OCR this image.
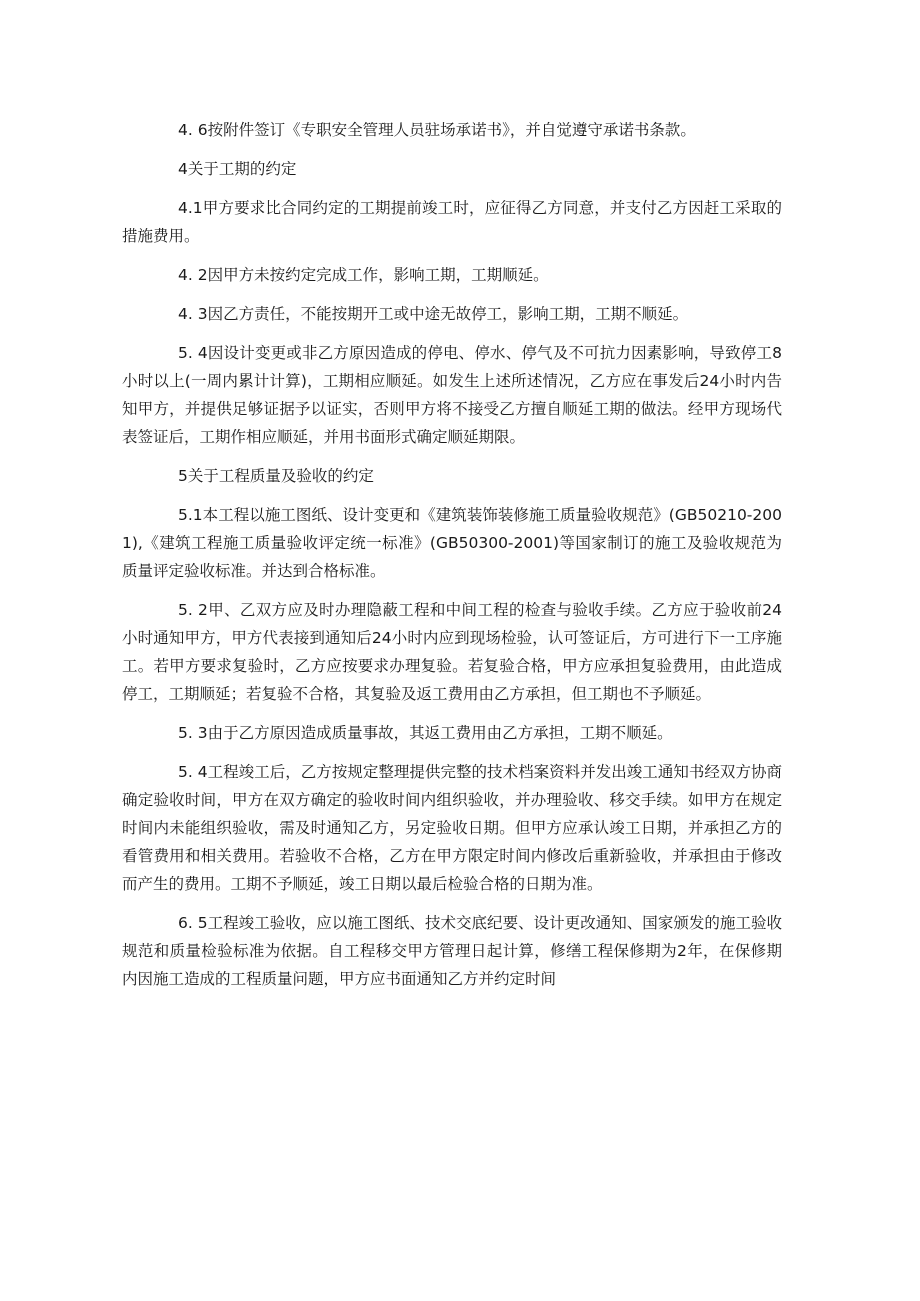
4. 6按附件签订《专职安全管理人员驻场承诺书》，并自觉遵守承诺书条款。

4关于工期的约定

4.1甲方要求比合同约定的工期提前竣工时，应征得乙方同意，并支付乙方因赶工采取的措施费用。

4. 2因甲方未按约定完成工作，影响工期，工期顺延。

4. 3因乙方责任，不能按期开工或中途无故停工，影响工期，工期不顺延。

5. 4因设计变更或非乙方原因造成的停电、停水、停气及不可抗力因素影响，导致停工8小时以上(一周内累计计算)，工期相应顺延。如发生上述所述情况，乙方应在事发后24小时内告知甲方，并提供足够证据予以证实，否则甲方将不接受乙方擅自顺延工期的做法。经甲方现场代表签证后，工期作相应顺延，并用书面形式确定顺延期限。

5关于工程质量及验收的约定

5.1本工程以施工图纸、设计变更和《建筑装饰装修施工质量验收规范》(GB50210-2001),《建筑工程施工质量验收评定统一标准》(GB50300-2001)等国家制订的施工及验收规范为质量评定验收标准。并达到合格标准。

5. 2甲、乙双方应及时办理隐蔽工程和中间工程的检查与验收手续。乙方应于验收前24小时通知甲方，甲方代表接到通知后24小时内应到现场检验，认可签证后，方可进行下一工序施工。若甲方要求复验时，乙方应按要求办理复验。若复验合格，甲方应承担复验费用，由此造成停工，工期顺延；若复验不合格，其复验及返工费用由乙方承担，但工期也不予顺延。

5. 3由于乙方原因造成质量事故，其返工费用由乙方承担，工期不顺延。

5. 4工程竣工后，乙方按规定整理提供完整的技术档案资料并发出竣工通知书经双方协商确定验收时间，甲方在双方确定的验收时间内组织验收，并办理验收、移交手续。如甲方在规定时间内未能组织验收，需及时通知乙方，另定验收日期。但甲方应承认竣工日期，并承担乙方的看管费用和相关费用。若验收不合格，乙方在甲方限定时间内修改后重新验收，并承担由于修改而产生的费用。工期不予顺延，竣工日期以最后检验合格的日期为准。

6. 5工程竣工验收，应以施工图纸、技术交底纪要、设计更改通知、国家颁发的施工验收规范和质量检验标准为依据。自工程移交甲方管理日起计算，修缮工程保修期为2年，在保修期内因施工造成的工程质量问题，甲方应书面通知乙方并约定时间
